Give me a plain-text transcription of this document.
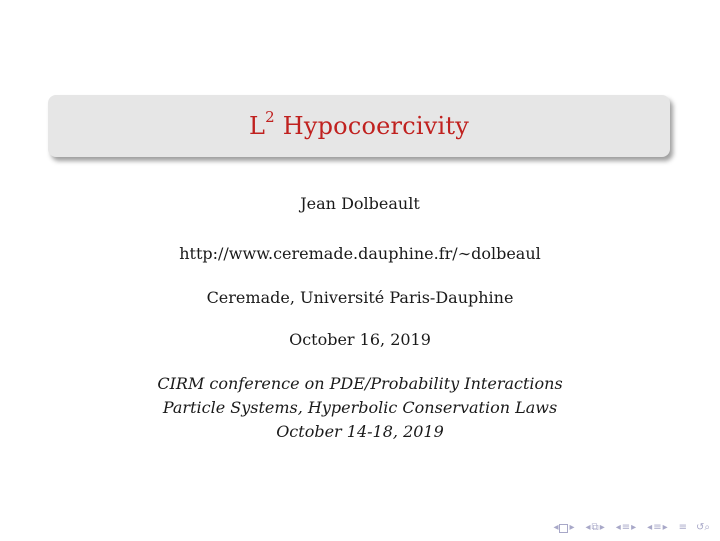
$L^2$ Hypocoercivity
Jean Dolbeault
http://www.ceremade.dauphine.fr/∼dolbeaul
Ceremade, Université Paris-Dauphine
October 16, 2019
CIRM conference on PDE/Probability Interactions
Particle Systems, Hyperbolic Conservation Laws
October 14-18, 2019
◂ ▸ ◂ ⧉ ▸ ◂ ≡ ▸ ◂ ≡ ▸ ≡ ↺⌕
